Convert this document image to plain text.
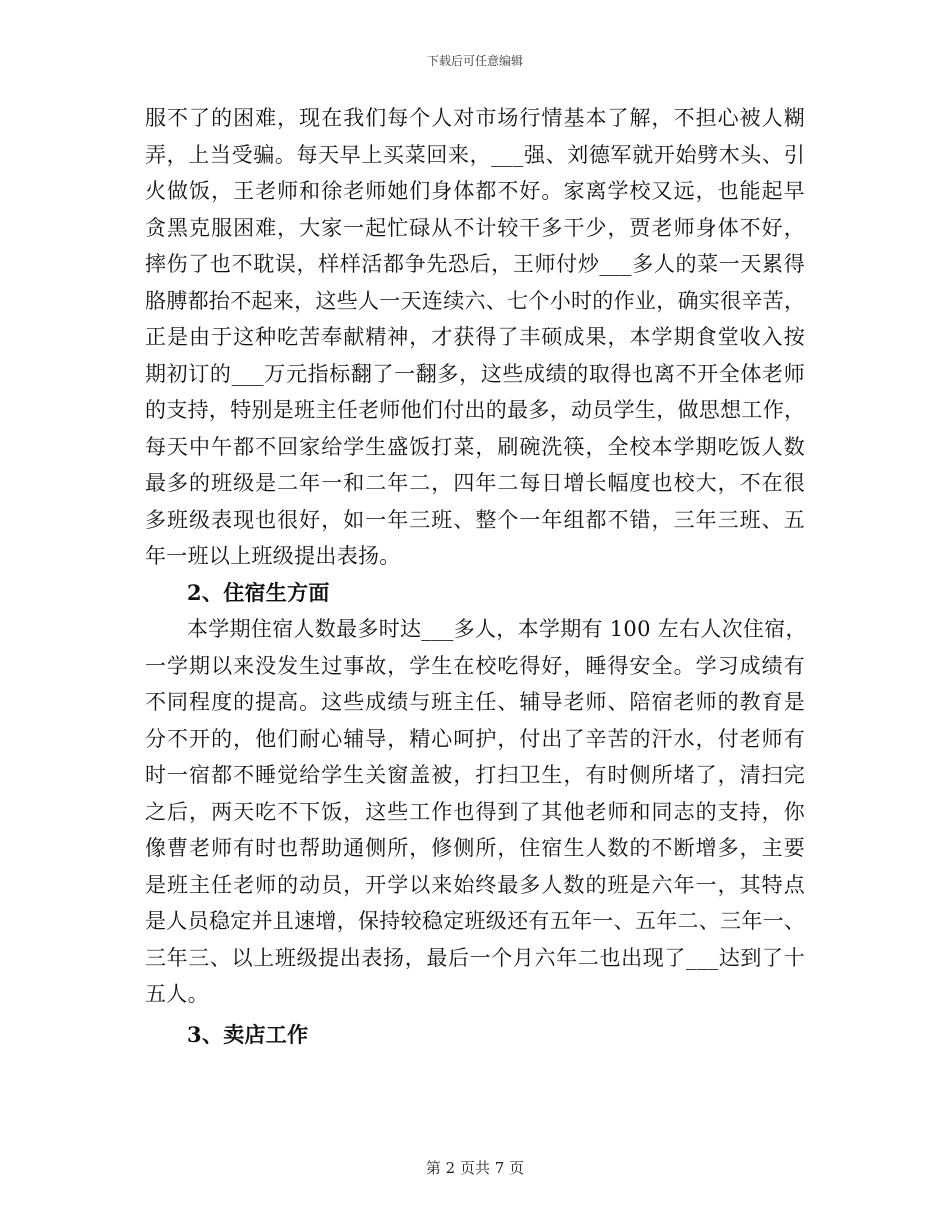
下载后可任意编辑
服不了的困难，现在我们每个人对市场行情基本了解，不担心被人糊
弄，上当受骗。每天早上买菜回来，___强、刘德军就开始劈木头、引
火做饭，王老师和徐老师她们身体都不好。家离学校又远，也能起早
贪黑克服困难，大家一起忙碌从不计较干多干少，贾老师身体不好，
摔伤了也不耽误，样样活都争先恐后，王师付炒___多人的菜一天累得
胳膊都抬不起来，这些人一天连续六、七个小时的作业，确实很辛苦，
正是由于这种吃苦奉献精神，才获得了丰硕成果，本学期食堂收入按
期初订的___万元指标翻了一翻多，这些成绩的取得也离不开全体老师
的支持，特别是班主任老师他们付出的最多，动员学生，做思想工作，
每天中午都不回家给学生盛饭打菜，刷碗洗筷，全校本学期吃饭人数
最多的班级是二年一和二年二，四年二每日增长幅度也校大，不在很
多班级表现也很好，如一年三班、整个一年组都不错，三年三班、五
年一班以上班级提出表扬。
2、住宿生方面
本学期住宿人数最多时达___多人，本学期有 100 左右人次住宿，
一学期以来没发生过事故，学生在校吃得好，睡得安全。学习成绩有
不同程度的提高。这些成绩与班主任、辅导老师、陪宿老师的教育是
分不开的，他们耐心辅导，精心呵护，付出了辛苦的汗水，付老师有
时一宿都不睡觉给学生关窗盖被，打扫卫生，有时侧所堵了，清扫完
之后，两天吃不下饭，这些工作也得到了其他老师和同志的支持，你
像曹老师有时也帮助通侧所，修侧所，住宿生人数的不断增多，主要
是班主任老师的动员，开学以来始终最多人数的班是六年一，其特点
是人员稳定并且速增，保持较稳定班级还有五年一、五年二、三年一、
三年三、以上班级提出表扬，最后一个月六年二也出现了___达到了十
五人。
3、卖店工作
第 2 页共 7 页
